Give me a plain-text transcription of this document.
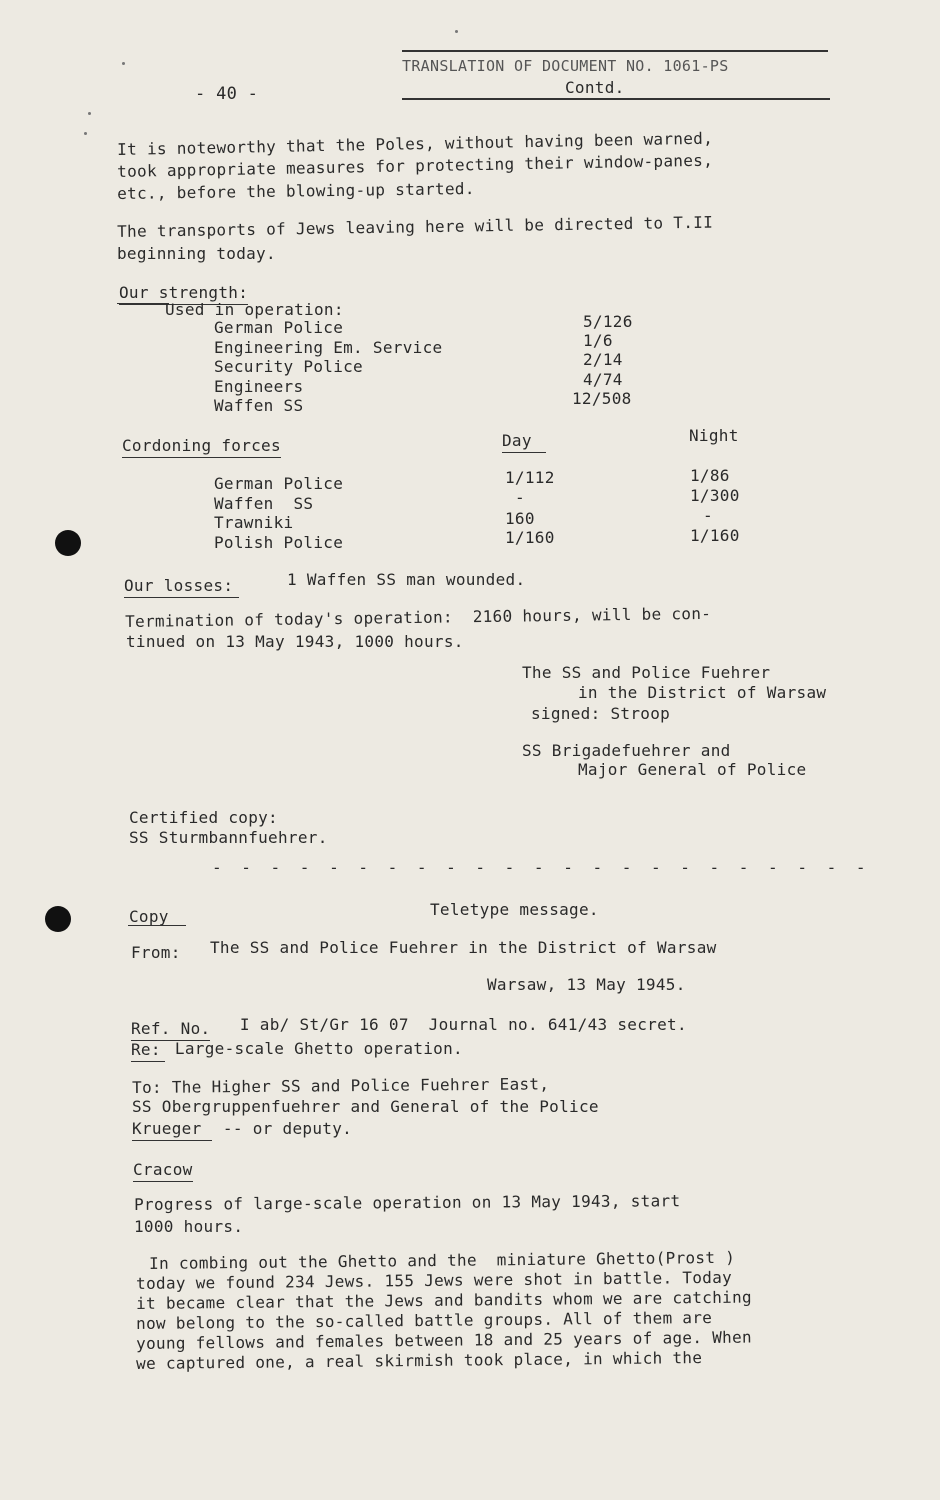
- 40 -
TRANSLATION OF DOCUMENT NO. 1061-PS
Contd.
It is noteworthy that the Poles, without having been warned,
took appropriate measures for protecting their window-panes,
etc., before the blowing-up started.
The transports of Jews leaving here will be directed to T.II
beginning today.
Our strength:
Used in operation:
German Police	5/126
Engineering Em. Service	1/6
Security Police	2/14
Engineers	4/74
Waffen SS	12/508
Cordoning forces	Day	Night
German Police	1/112	1/86
Waffen  SS	-	1/300
Trawniki	160	-
Polish Police	1/160	1/160
Our losses:	1 Waffen SS man wounded.
Termination of today's operation:  2160 hours, will be con-
tinued on 13 May 1943, 1000 hours.
The SS and Police Fuehrer
in the District of Warsaw
signed: Stroop
SS Brigadefuehrer and
Major General of Police
Certified copy:
SS Sturmbannfuehrer.
- - - - - - - - - - - - - - - - - - - - - - -
Copy	Teletype message.
From: The SS and Police Fuehrer in the District of Warsaw
Warsaw, 13 May 1945.
Ref. No. I ab/ St/Gr 16 07  Journal no. 641/43 secret.
Re: Large-scale Ghetto operation.
To: The Higher SS and Police Fuehrer East,
SS Obergruppenfuehrer and General of the Police
Krueger -- or deputy.
Cracow
Progress of large-scale operation on 13 May 1943, start
1000 hours.
In combing out the Ghetto and the  miniature Ghetto(Prost )
today we found 234 Jews. 155 Jews were shot in battle. Today
it became clear that the Jews and bandits whom we are catching
now belong to the so-called battle groups. All of them are
young fellows and females between 18 and 25 years of age. When
we captured one, a real skirmish took place, in which the
